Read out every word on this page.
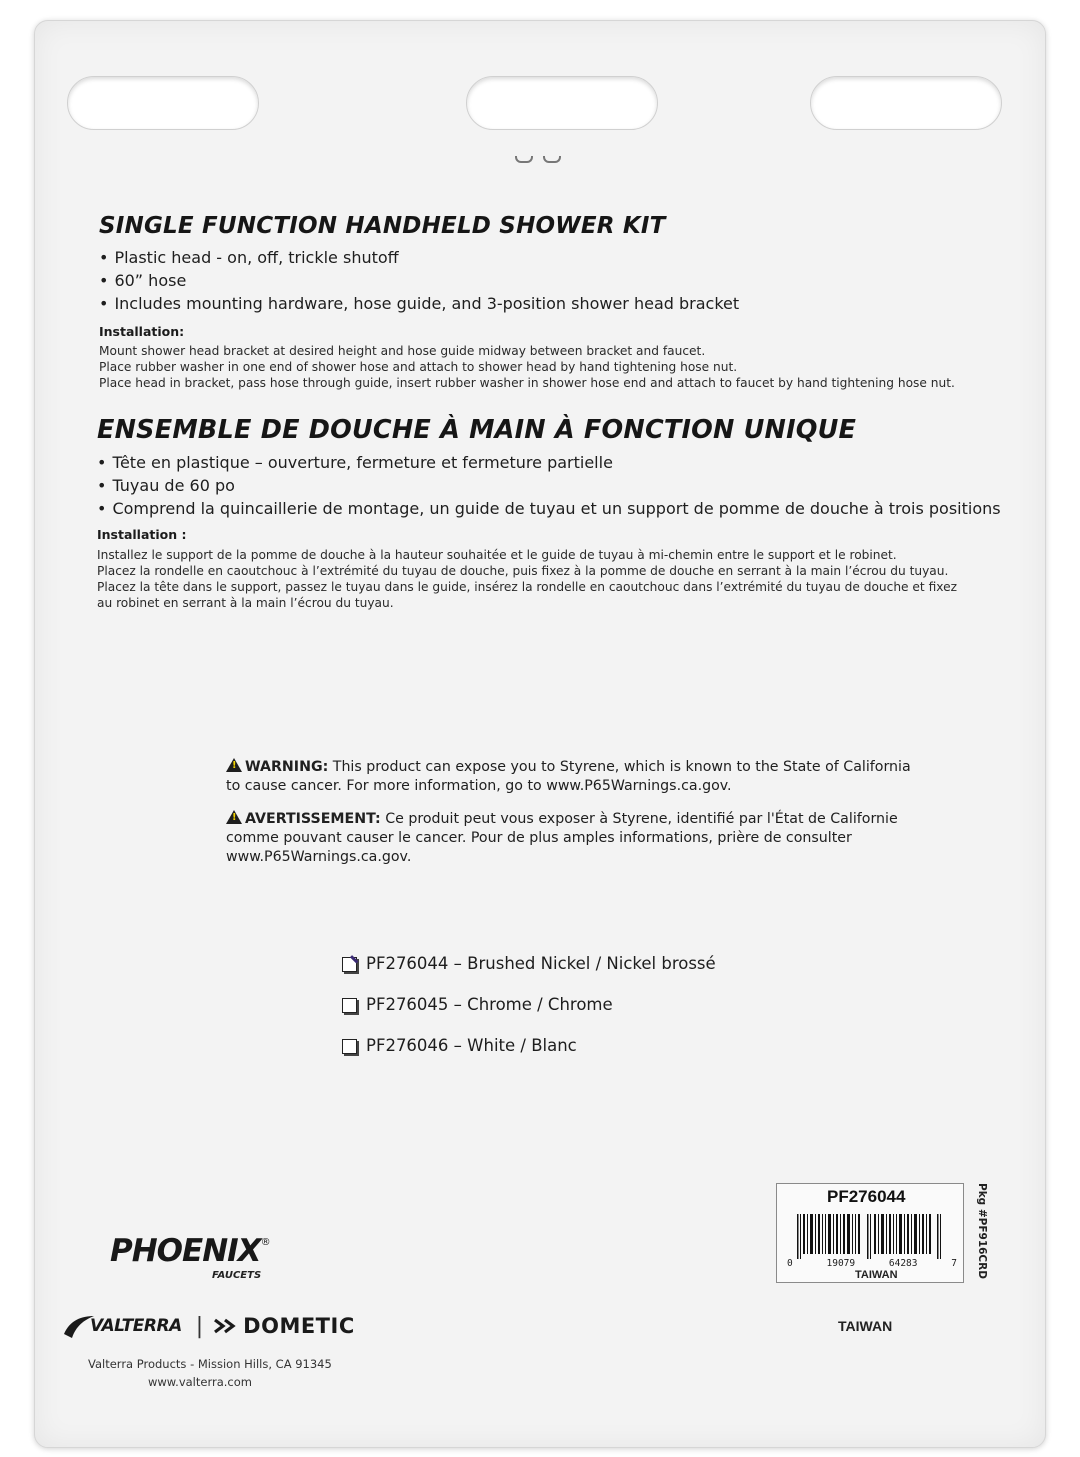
SINGLE FUNCTION HANDHELD SHOWER KIT
• Plastic head - on, off, trickle shutoff
• 60” hose
• Includes mounting hardware, hose guide, and 3-position shower head bracket
Installation:
Mount shower head bracket at desired height and hose guide midway between bracket and faucet.
Place rubber washer in one end of shower hose and attach to shower head by hand tightening hose nut.
Place head in bracket, pass hose through guide, insert rubber washer in shower hose end and attach to faucet by hand tightening hose nut.
ENSEMBLE DE DOUCHE À MAIN À FONCTION UNIQUE
• Tête en plastique – ouverture, fermeture et fermeture partielle
• Tuyau de 60 po
• Comprend la quincaillerie de montage, un guide de tuyau et un support de pomme de douche à trois positions
Installation :
Installez le support de la pomme de douche à la hauteur souhaitée et le guide de tuyau à mi-chemin entre le support et le robinet.
Placez la rondelle en caoutchouc à l’extrémité du tuyau de douche, puis fixez à la pomme de douche en serrant à la main l’écrou du tuyau.
Placez la tête dans le support, passez le tuyau dans le guide, insérez la rondelle en caoutchouc dans l’extrémité du tuyau de douche et fixez
au robinet en serrant à la main l’écrou du tuyau.
!WARNING: This product can expose you to Styrene, which is known to the State of California
to cause cancer. For more information, go to www.P65Warnings.ca.gov.
!AVERTISSEMENT: Ce produit peut vous exposer à Styrene, identifié par l'État de Californie
comme pouvant causer le cancer. Pour de plus amples informations, prière de consulter
www.P65Warnings.ca.gov.
PF276044 – Brushed Nickel / Nickel brossé
PF276045 – Chrome / Chrome
PF276046 – White / Blanc
PHOENIX®
FAUCETS
VALTERRA | DOMETIC
Valterra Products - Mission Hills, CA 91345
www.valterra.com
PF276044
0	19079	64283	7
TAIWAN	Pkg #PF916CRD
TAIWAN
